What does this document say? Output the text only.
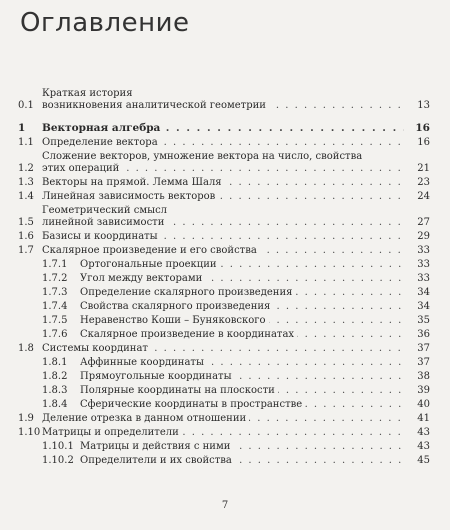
Оглавление
0.1
Краткая история
возникновения аналитической геометрии . . .	13
1	Векторная алгебра . . .	16
1.1 Определение вектора . . .	16
1.2
Сложение векторов, умножение вектора на число, свойства
этих операций . . .	21
1.3 Векторы на прямой. Лемма Шаля . . .	23
1.4 Линейная зависимость векторов . . .	24
1.5
Геометрический смысл
линейной зависимости . . .	27
1.6 Базисы и координаты . . .	29
1.7 Скалярное произведение и его свойства . . .	33
1.7.1	Ортогональные проекции . . .	33
1.7.2	Угол между векторами . . .	33
1.7.3	Определение скалярного произведения . . .	34
1.7.4	Свойства скалярного произведения . . .	34
1.7.5	Неравенство Коши – Буняковского . . .	35
1.7.6	Скалярное произведение в координатах . . .	36
1.8 Системы координат . . .	37
1.8.1	Аффинные координаты . . .	37
1.8.2	Прямоугольные координаты . . .	38
1.8.3	Полярные координаты на плоскости . . .	39
1.8.4	Сферические координаты в пространстве . . .	40
1.9 Деление отрезка в данном отношении . . .	41
1.10 Матрицы и определители . . .	43
1.10.1 Матрицы и действия с ними . . .	43
1.10.2 Определители и их свойства . . .	45
7
